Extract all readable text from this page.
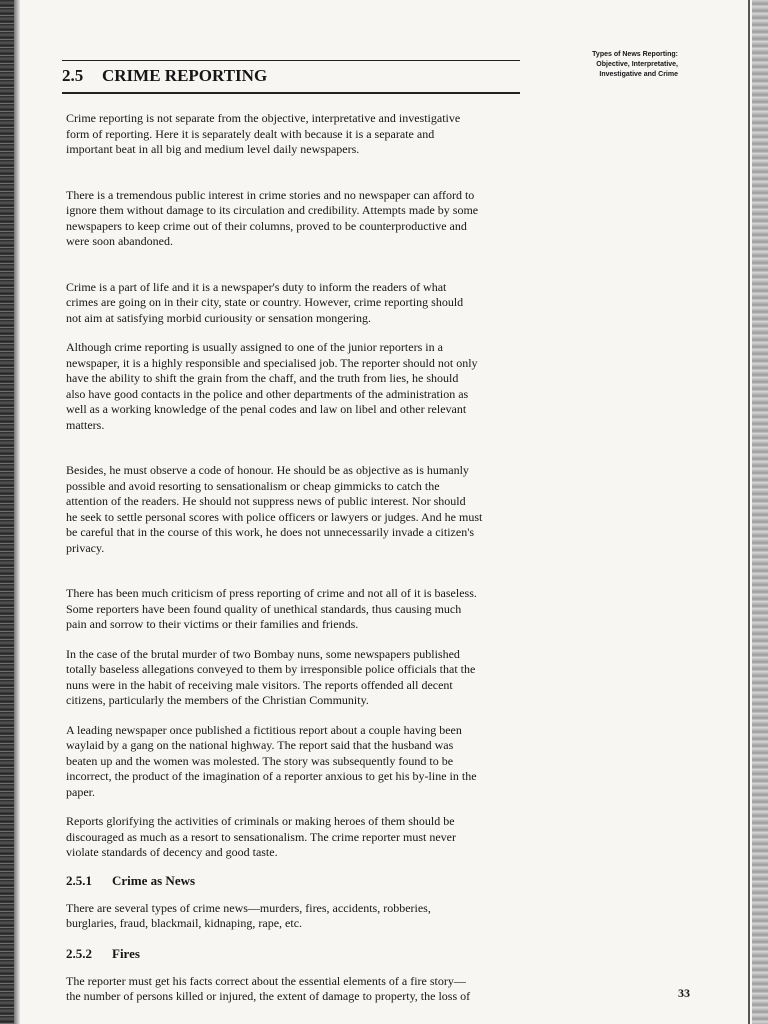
Types of News Reporting:
Objective, Interpretative,
Investigative and Crime
2.5 CRIME REPORTING

Crime reporting is not separate from the objective, interpretative and investigative
form of reporting. Here it is separately dealt with because it is a separate and
important beat in all big and medium level daily newspapers.

There is a tremendous public interest in crime stories and no newspaper can afford to
ignore them without damage to its circulation and credibility. Attempts made by some
newspapers to keep crime out of their columns, proved to be counterproductive and
were soon abandoned.

Crime is a part of life and it is a newspaper's duty to inform the readers of what
crimes are going on in their city, state or country. However, crime reporting should
not aim at satisfying morbid curiousity or sensation mongering.

Although crime reporting is usually assigned to one of the junior reporters in a
newspaper, it is a highly responsible and specialised job. The reporter should not only
have the ability to shift the grain from the chaff, and the truth from lies, he should
also have good contacts in the police and other departments of the administration as
well as a working knowledge of the penal codes and law on libel and other relevant
matters.

Besides, he must observe a code of honour. He should be as objective as is humanly
possible and avoid resorting to sensationalism or cheap gimmicks to catch the
attention of the readers. He should not suppress news of public interest. Nor should
he seek to settle personal scores with police officers or lawyers or judges. And he must
be careful that in the course of this work, he does not unnecessarily invade a citizen's
privacy.

There has been much criticism of press reporting of crime and not all of it is baseless.
Some reporters have been found quality of unethical standards, thus causing much
pain and sorrow to their victims or their families and friends.

In the case of the brutal murder of two Bombay nuns, some newspapers published
totally baseless allegations conveyed to them by irresponsible police officials that the
nuns were in the habit of receiving male visitors. The reports offended all decent
citizens, particularly the members of the Christian Community.

A leading newspaper once published a fictitious report about a couple having been
waylaid by a gang on the national highway. The report said that the husband was
beaten up and the women was molested. The story was subsequently found to be
incorrect, the product of the imagination of a reporter anxious to get his by-line in the
paper.

Reports glorifying the activities of criminals or making heroes of them should be
discouraged as much as a resort to sensationalism. The crime reporter must never
violate standards of decency and good taste.

2.5.1 Crime as News

There are several types of crime news—murders, fires, accidents, robberies,
burglaries, fraud, blackmail, kidnaping, rape, etc.

2.5.2 Fires

The reporter must get his facts correct about the essential elements of a fire story—
the number of persons killed or injured, the extent of damage to property, the loss of	33
